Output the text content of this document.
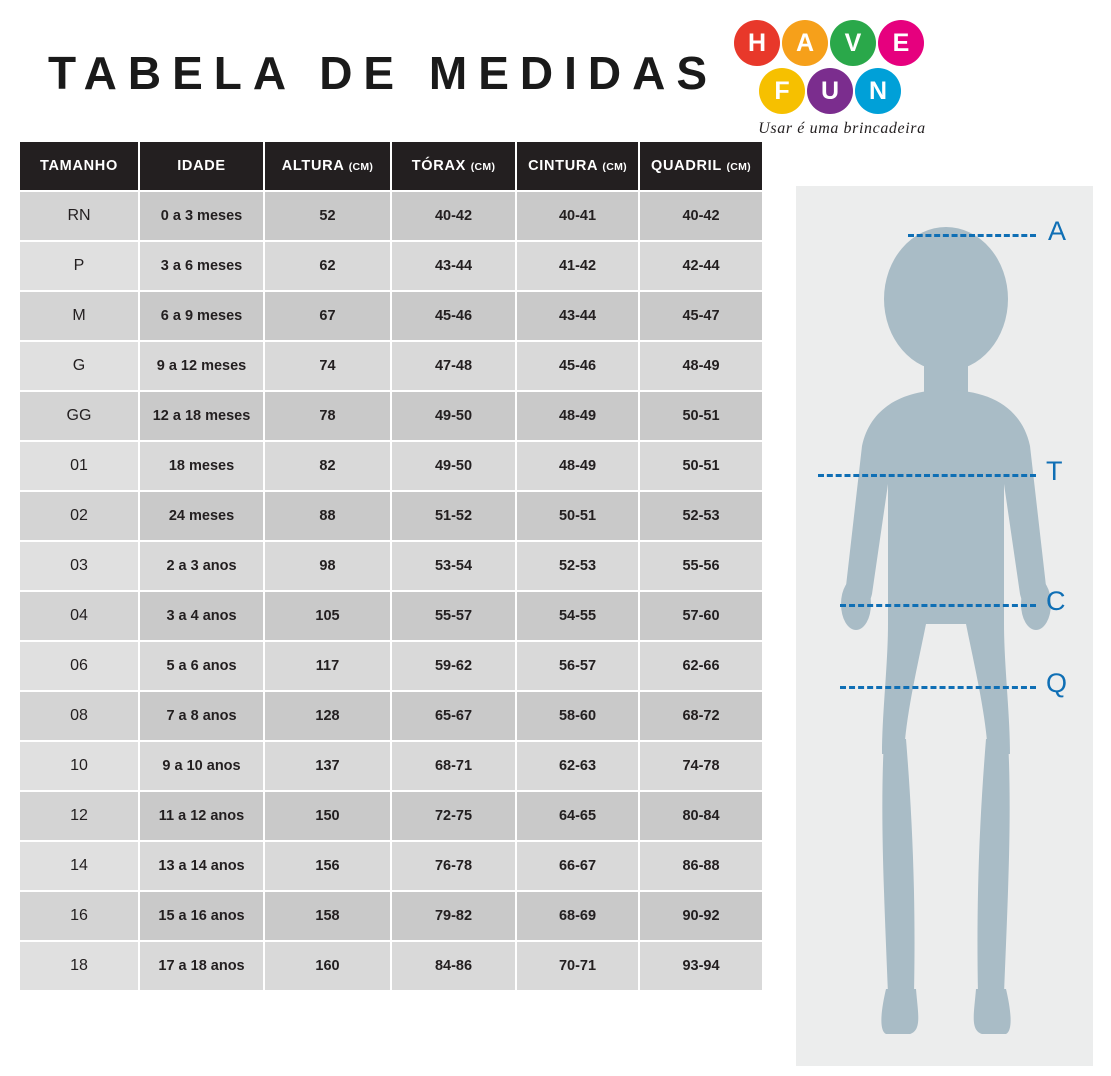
TABELA DE MEDIDAS
H	A	V	E
F	U	N
Usar é uma brincadeira
TAMANHO	IDADE	ALTURA (CM)	TÓRAX (CM)	CINTURA (CM)	QUADRIL (CM)
RN	0 a 3 meses	52	40-42	40-41	40-42
P	3 a 6 meses	62	43-44	41-42	42-44
M	6 a 9 meses	67	45-46	43-44	45-47
G	9 a 12 meses	74	47-48	45-46	48-49
GG	12 a 18 meses	78	49-50	48-49	50-51
01	18 meses	82	49-50	48-49	50-51
02	24 meses	88	51-52	50-51	52-53
03	2 a 3 anos	98	53-54	52-53	55-56
04	3 a 4 anos	105	55-57	54-55	57-60
06	5 a 6 anos	117	59-62	56-57	62-66
08	7 a 8 anos	128	65-67	58-60	68-72
10	9 a 10 anos	137	68-71	62-63	74-78
12	11 a 12 anos	150	72-75	64-65	80-84
14	13 a 14 anos	156	76-78	66-67	86-88
16	15 a 16 anos	158	79-82	68-69	90-92
18	17 a 18 anos	160	84-86	70-71	93-94
A
T
C
Q
